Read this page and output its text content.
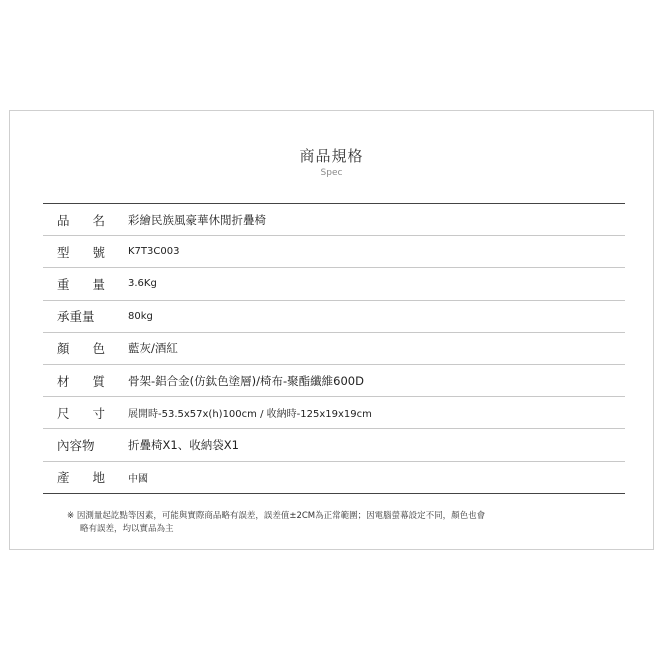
商品規格
Spec
品 名 彩繪民族風豪華休閒折疊椅
型 號 K7T3C003
重 量 3.6Kg
承重量	80kg
顏 色 藍灰/酒紅
材 質 骨架-鋁合金(仿鈦色塗層)/椅布-聚酯纖維600D
尺 寸 展開時-53.5x57x(h)100cm / 收納時-125x19x19cm
內容物	折疊椅X1、收納袋X1
產 地 中國
※ 因測量起訖點等因素，可能與實際商品略有誤差，誤差值±2CM為正常範圍；因電腦螢幕設定不同，顏色也會
略有誤差，均以實品為主
